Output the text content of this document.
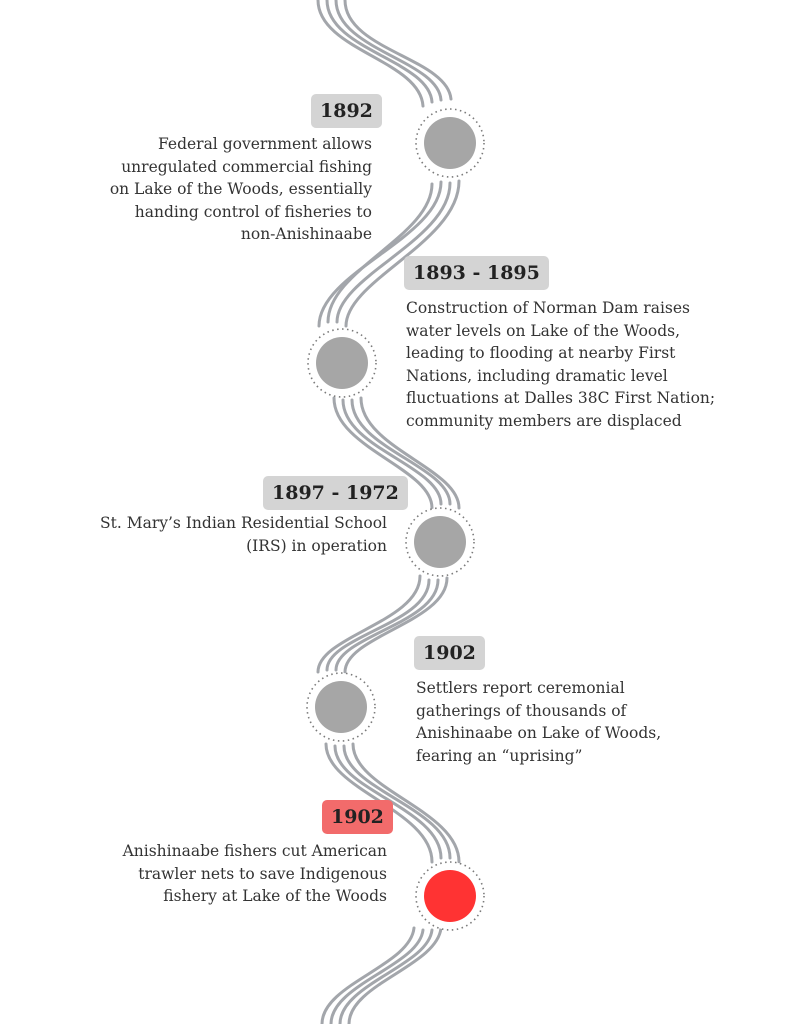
1892
Federal government allows
unregulated commercial fishing
on Lake of the Woods, essentially
handing control of fisheries to
non-Anishinaabe
1893 - 1895
Construction of Norman Dam raises
water levels on Lake of the Woods,
leading to flooding at nearby First
Nations, including dramatic level
fluctuations at Dalles 38C First Nation;
community members are displaced
1897 - 1972
St. Mary’s Indian Residential School
(IRS) in operation
1902
Settlers report ceremonial
gatherings of thousands of
Anishinaabe on Lake of Woods,
fearing an “uprising”
1902
Anishinaabe fishers cut American
trawler nets to save Indigenous
fishery at Lake of the Woods
